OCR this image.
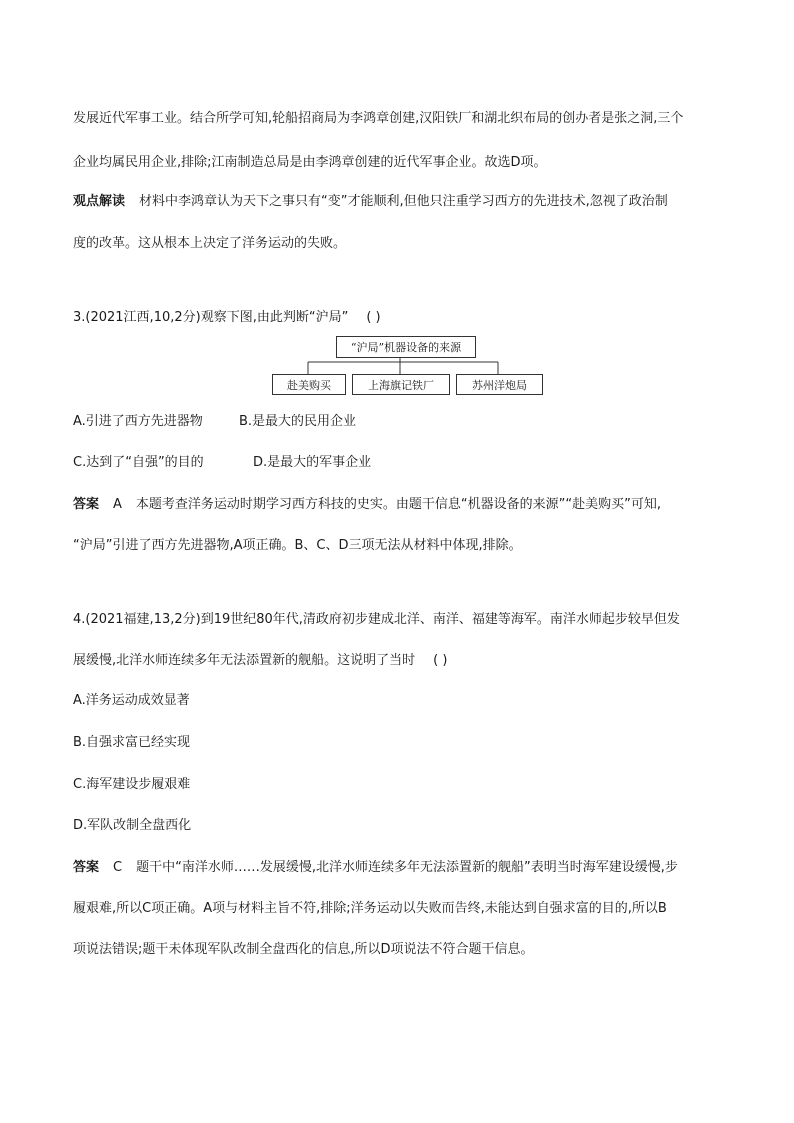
发展近代军事工业。结合所学可知,轮船招商局为李鸿章创建,汉阳铁厂和湖北织布局的创办者是张之洞,三个
企业均属民用企业,排除;江南制造总局是由李鸿章创建的近代军事企业。故选D项。
观点解读 材料中李鸿章认为天下之事只有“变”才能顺利,但他只注重学习西方的先进技术,忽视了政治制
度的改革。这从根本上决定了洋务运动的失败。
3.(2021江西,10,2分)观察下图,由此判断“沪局” ( )
“沪局”机器设备的来源
赴美购买	上海旗记铁厂	苏州洋炮局
A.引进了西方先进器物	B.是最大的民用企业
C.达到了“自强”的目的	D.是最大的军事企业
答案 A 本题考查洋务运动时期学习西方科技的史实。由题干信息“机器设备的来源”“赴美购买”可知,
“沪局”引进了西方先进器物,A项正确。B、C、D三项无法从材料中体现,排除。
4.(2021福建,13,2分)到19世纪80年代,清政府初步建成北洋、南洋、福建等海军。南洋水师起步较早但发
展缓慢,北洋水师连续多年无法添置新的舰船。这说明了当时 ( )
A.洋务运动成效显著
B.自强求富已经实现
C.海军建设步履艰难
D.军队改制全盘西化
答案 C 题干中“南洋水师……发展缓慢,北洋水师连续多年无法添置新的舰船”表明当时海军建设缓慢,步
履艰难,所以C项正确。A项与材料主旨不符,排除;洋务运动以失败而告终,未能达到自强求富的目的,所以B
项说法错误;题干未体现军队改制全盘西化的信息,所以D项说法不符合题干信息。
